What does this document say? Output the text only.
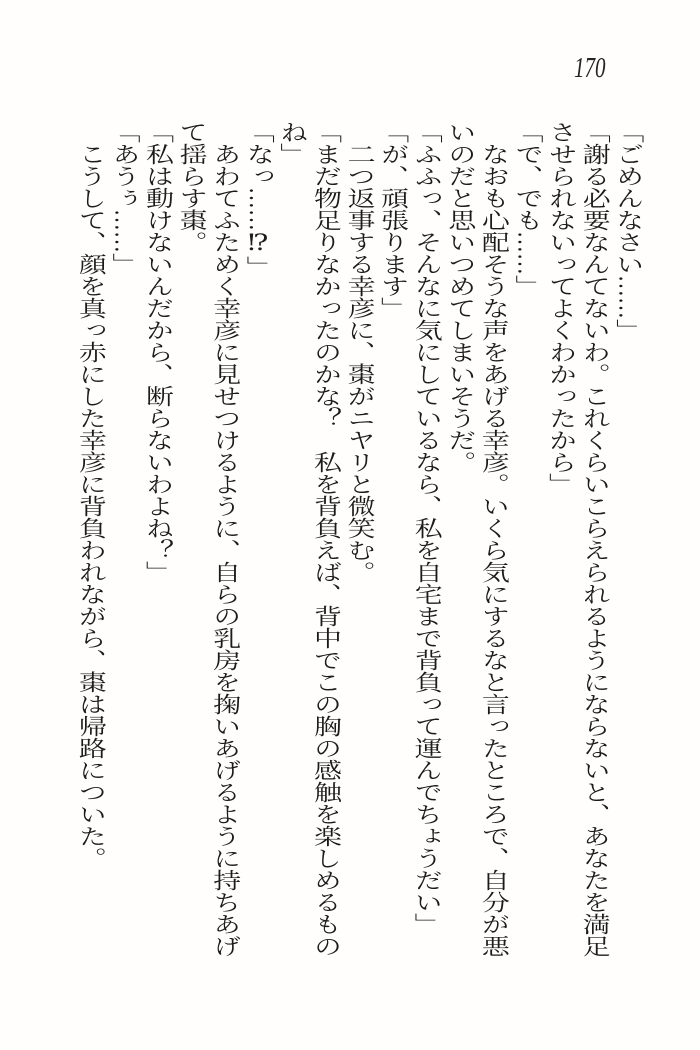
170
「ごめんなさい……」
「謝る必要なんてないわ。これくらいこらえられるようにならないと、あなたを満足
させられないってよくわかったから」
「で、でも……」
なおも心配そうな声をあげる幸彦。いくら気にするなと言ったところで、自分が悪
いのだと思いつめてしまいそうだ。
「ふふっ、そんなに気にしているなら、私を自宅まで背負って運んでちょうだい」
「が、頑張ります」
二つ返事する幸彦に、棗がニヤリと微笑む。
「まだ物足りなかったのかな？　私を背負えば、背中でこの胸の感触を楽しめるもの
ね」
「なっ……⁉」
あわてふためく幸彦に見せつけるように、自らの乳房を掬いあげるように持ちあげ
て揺らす棗。
「私は動けないんだから、断らないわよね？」
「あうぅ……」
こうして、顔を真っ赤にした幸彦に背負われながら、棗は帰路についた。
